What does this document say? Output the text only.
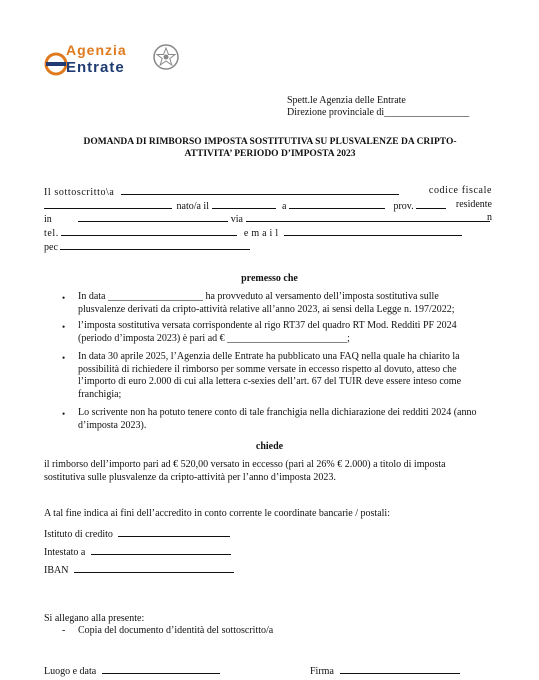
Agenzia
Entrate
Spett.le Agenzia delle Entrate
Direzione provinciale di_________________
DOMANDA DI RIMBORSO IMPOSTA SOSTITUTIVA SU PLUSVALENZE DA CRIPTO-
ATTIVITA’ PERIODO D’IMPOSTA 2023
Il sottoscritto\a	codice fiscale
nato/a il	a	prov.	residente
in	via	n
tel.	email
pec
premesso che
• In data ___________________ ha provveduto al versamento dell’imposta sostitutiva sulle
plusvalenze derivati da cripto-attività relative all’anno 2023, ai sensi della Legge n. 197/2022;
• l’imposta sostitutiva versata corrispondente al rigo RT37 del quadro RT Mod. Redditi PF 2024
(periodo d’imposta 2023) è pari ad € ________________________;
• In data 30 aprile 2025, l’Agenzia delle Entrate ha pubblicato una FAQ nella quale ha chiarito la
possibilità di richiedere il rimborso per somme versate in eccesso rispetto al dovuto, atteso che
l’importo di euro 2.000 di cui alla lettera c-sexies dell’art. 67 del TUIR deve essere inteso come
franchigia;
• Lo scrivente non ha potuto tenere conto di tale franchigia nella dichiarazione dei redditi 2024 (anno
d’imposta 2023).
chiede
il rimborso dell’importo pari ad € 520,00 versato in eccesso (pari al 26% € 2.000) a titolo di imposta
sostitutiva sulle plusvalenze da cripto-attività per l’anno d’imposta 2023.
A tal fine indica ai fini dell’accredito in conto corrente le coordinate bancarie / postali:
Istituto di credito
Intestato a
IBAN
Si allegano alla presente:
- Copia del documento d’identità del sottoscritto/a
Luogo e data	Firma
